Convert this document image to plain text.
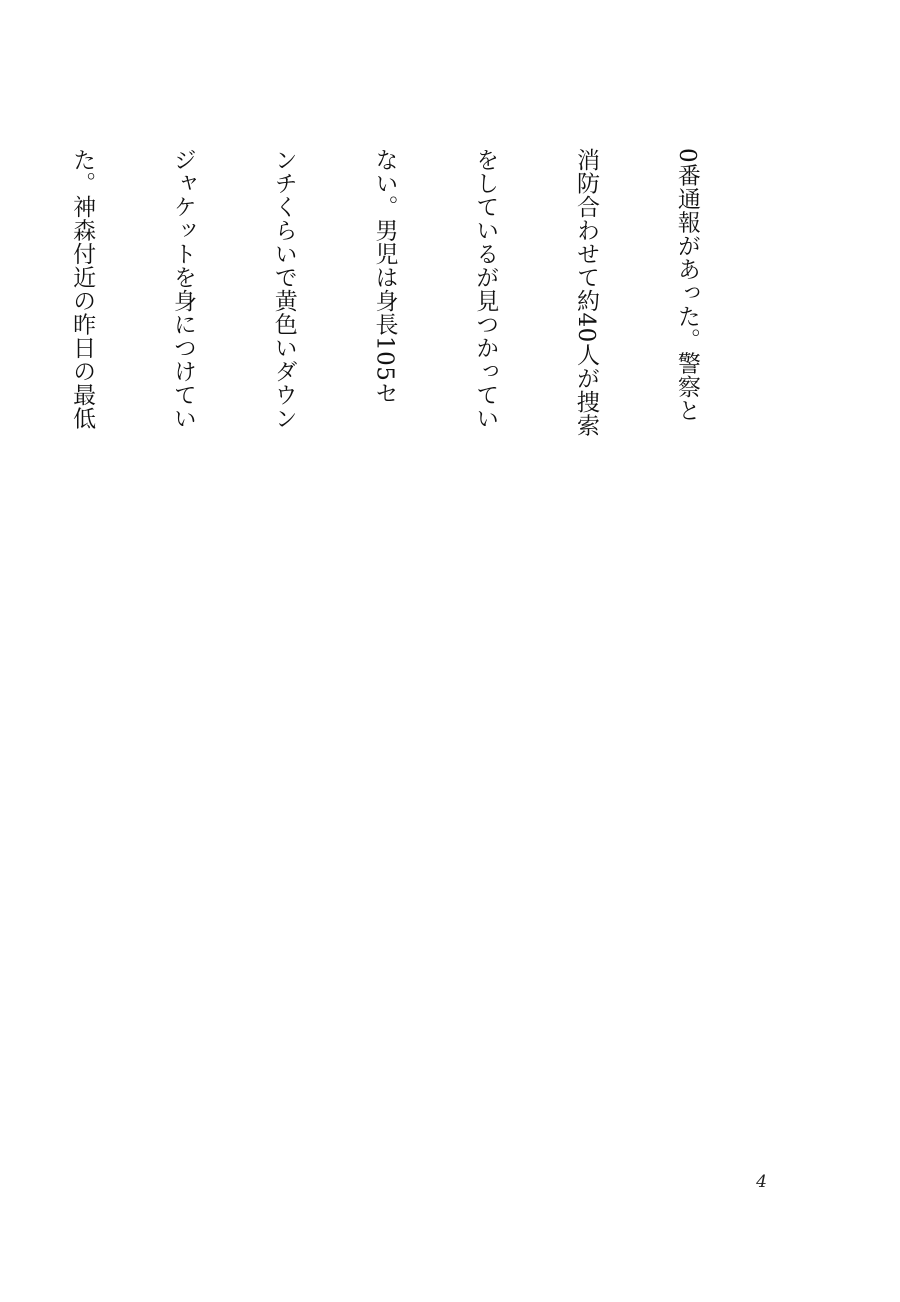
0番通報があった。警察と

消防合わせて約40人が捜索

をしているが見つかってい

ない。男児は身長105セ

ンチくらいで黄色いダウン

ジャケットを身につけてい

た。神森付近の昨日の最低

4
